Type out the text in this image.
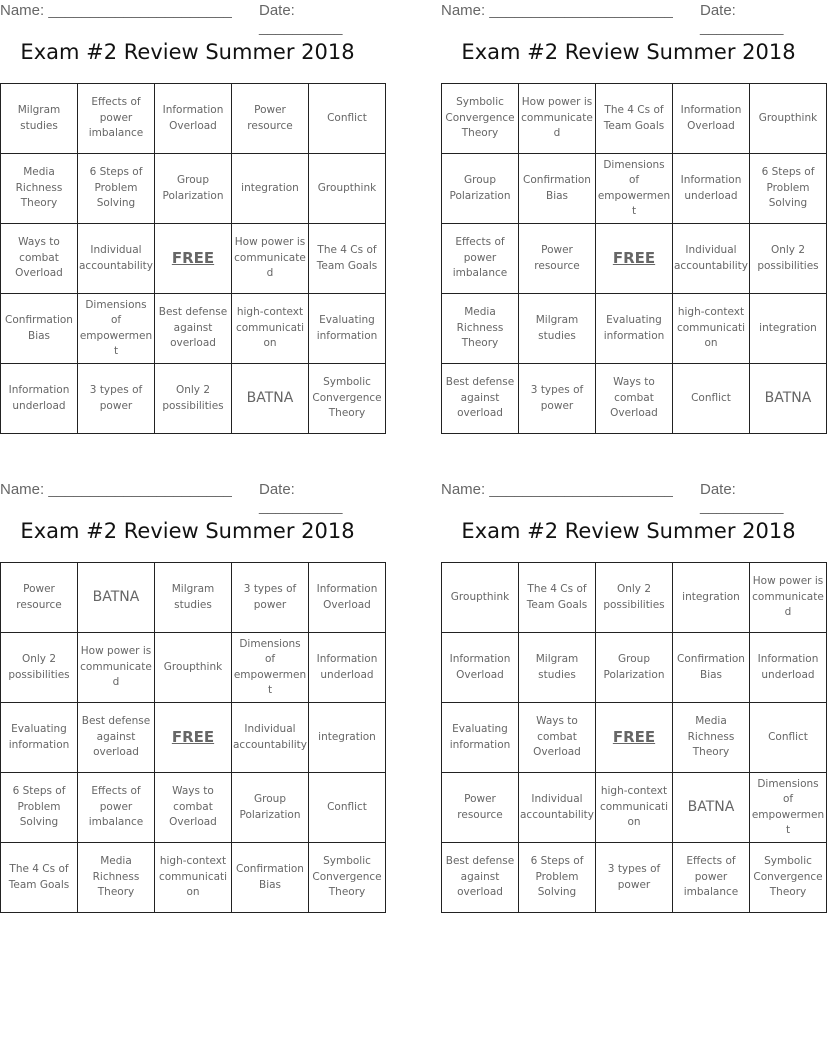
Name: ______________________ Date: __________
Exam #2 Review Summer 2018
Milgram studies	Effects of power imbalance	Information Overload	Power resource	Conflict
Media Richness Theory	6 Steps of Problem Solving	Group Polarization	integration	Groupthink
Ways to combat Overload	Individual accountability	FREE	How power is communicated	The 4 Cs of Team Goals
Confirmation Bias	Dimensions of empowerment	Best defense against overload	high-context communication	Evaluating information
Information underload	3 types of power	Only 2 possibilities	BATNA	Symbolic Convergence Theory
Name: ______________________ Date: __________
Exam #2 Review Summer 2018
Symbolic Convergence Theory	How power is communicated	The 4 Cs of Team Goals	Information Overload	Groupthink
Group Polarization	Confirmation Bias	Dimensions of empowerment	Information underload	6 Steps of Problem Solving
Effects of power imbalance	Power resource	FREE	Individual accountability	Only 2 possibilities
Media Richness Theory	Milgram studies	Evaluating information	high-context communication	integration
Best defense against overload	3 types of power	Ways to combat Overload	Conflict	BATNA
Name: ______________________ Date: __________
Exam #2 Review Summer 2018
Power resource	BATNA	Milgram studies	3 types of power	Information Overload
Only 2 possibilities	How power is communicated	Groupthink	Dimensions of empowerment	Information underload
Evaluating information	Best defense against overload	FREE	Individual accountability	integration
6 Steps of Problem Solving	Effects of power imbalance	Ways to combat Overload	Group Polarization	Conflict
The 4 Cs of Team Goals	Media Richness Theory	high-context communication	Confirmation Bias	Symbolic Convergence Theory
Name: ______________________ Date: __________
Exam #2 Review Summer 2018
Groupthink	The 4 Cs of Team Goals	Only 2 possibilities	integration	How power is communicated
Information Overload	Milgram studies	Group Polarization	Confirmation Bias	Information underload
Evaluating information	Ways to combat Overload	FREE	Media Richness Theory	Conflict
Power resource	Individual accountability	high-context communication	BATNA	Dimensions of empowerment
Best defense against overload	6 Steps of Problem Solving	3 types of power	Effects of power imbalance	Symbolic Convergence Theory
